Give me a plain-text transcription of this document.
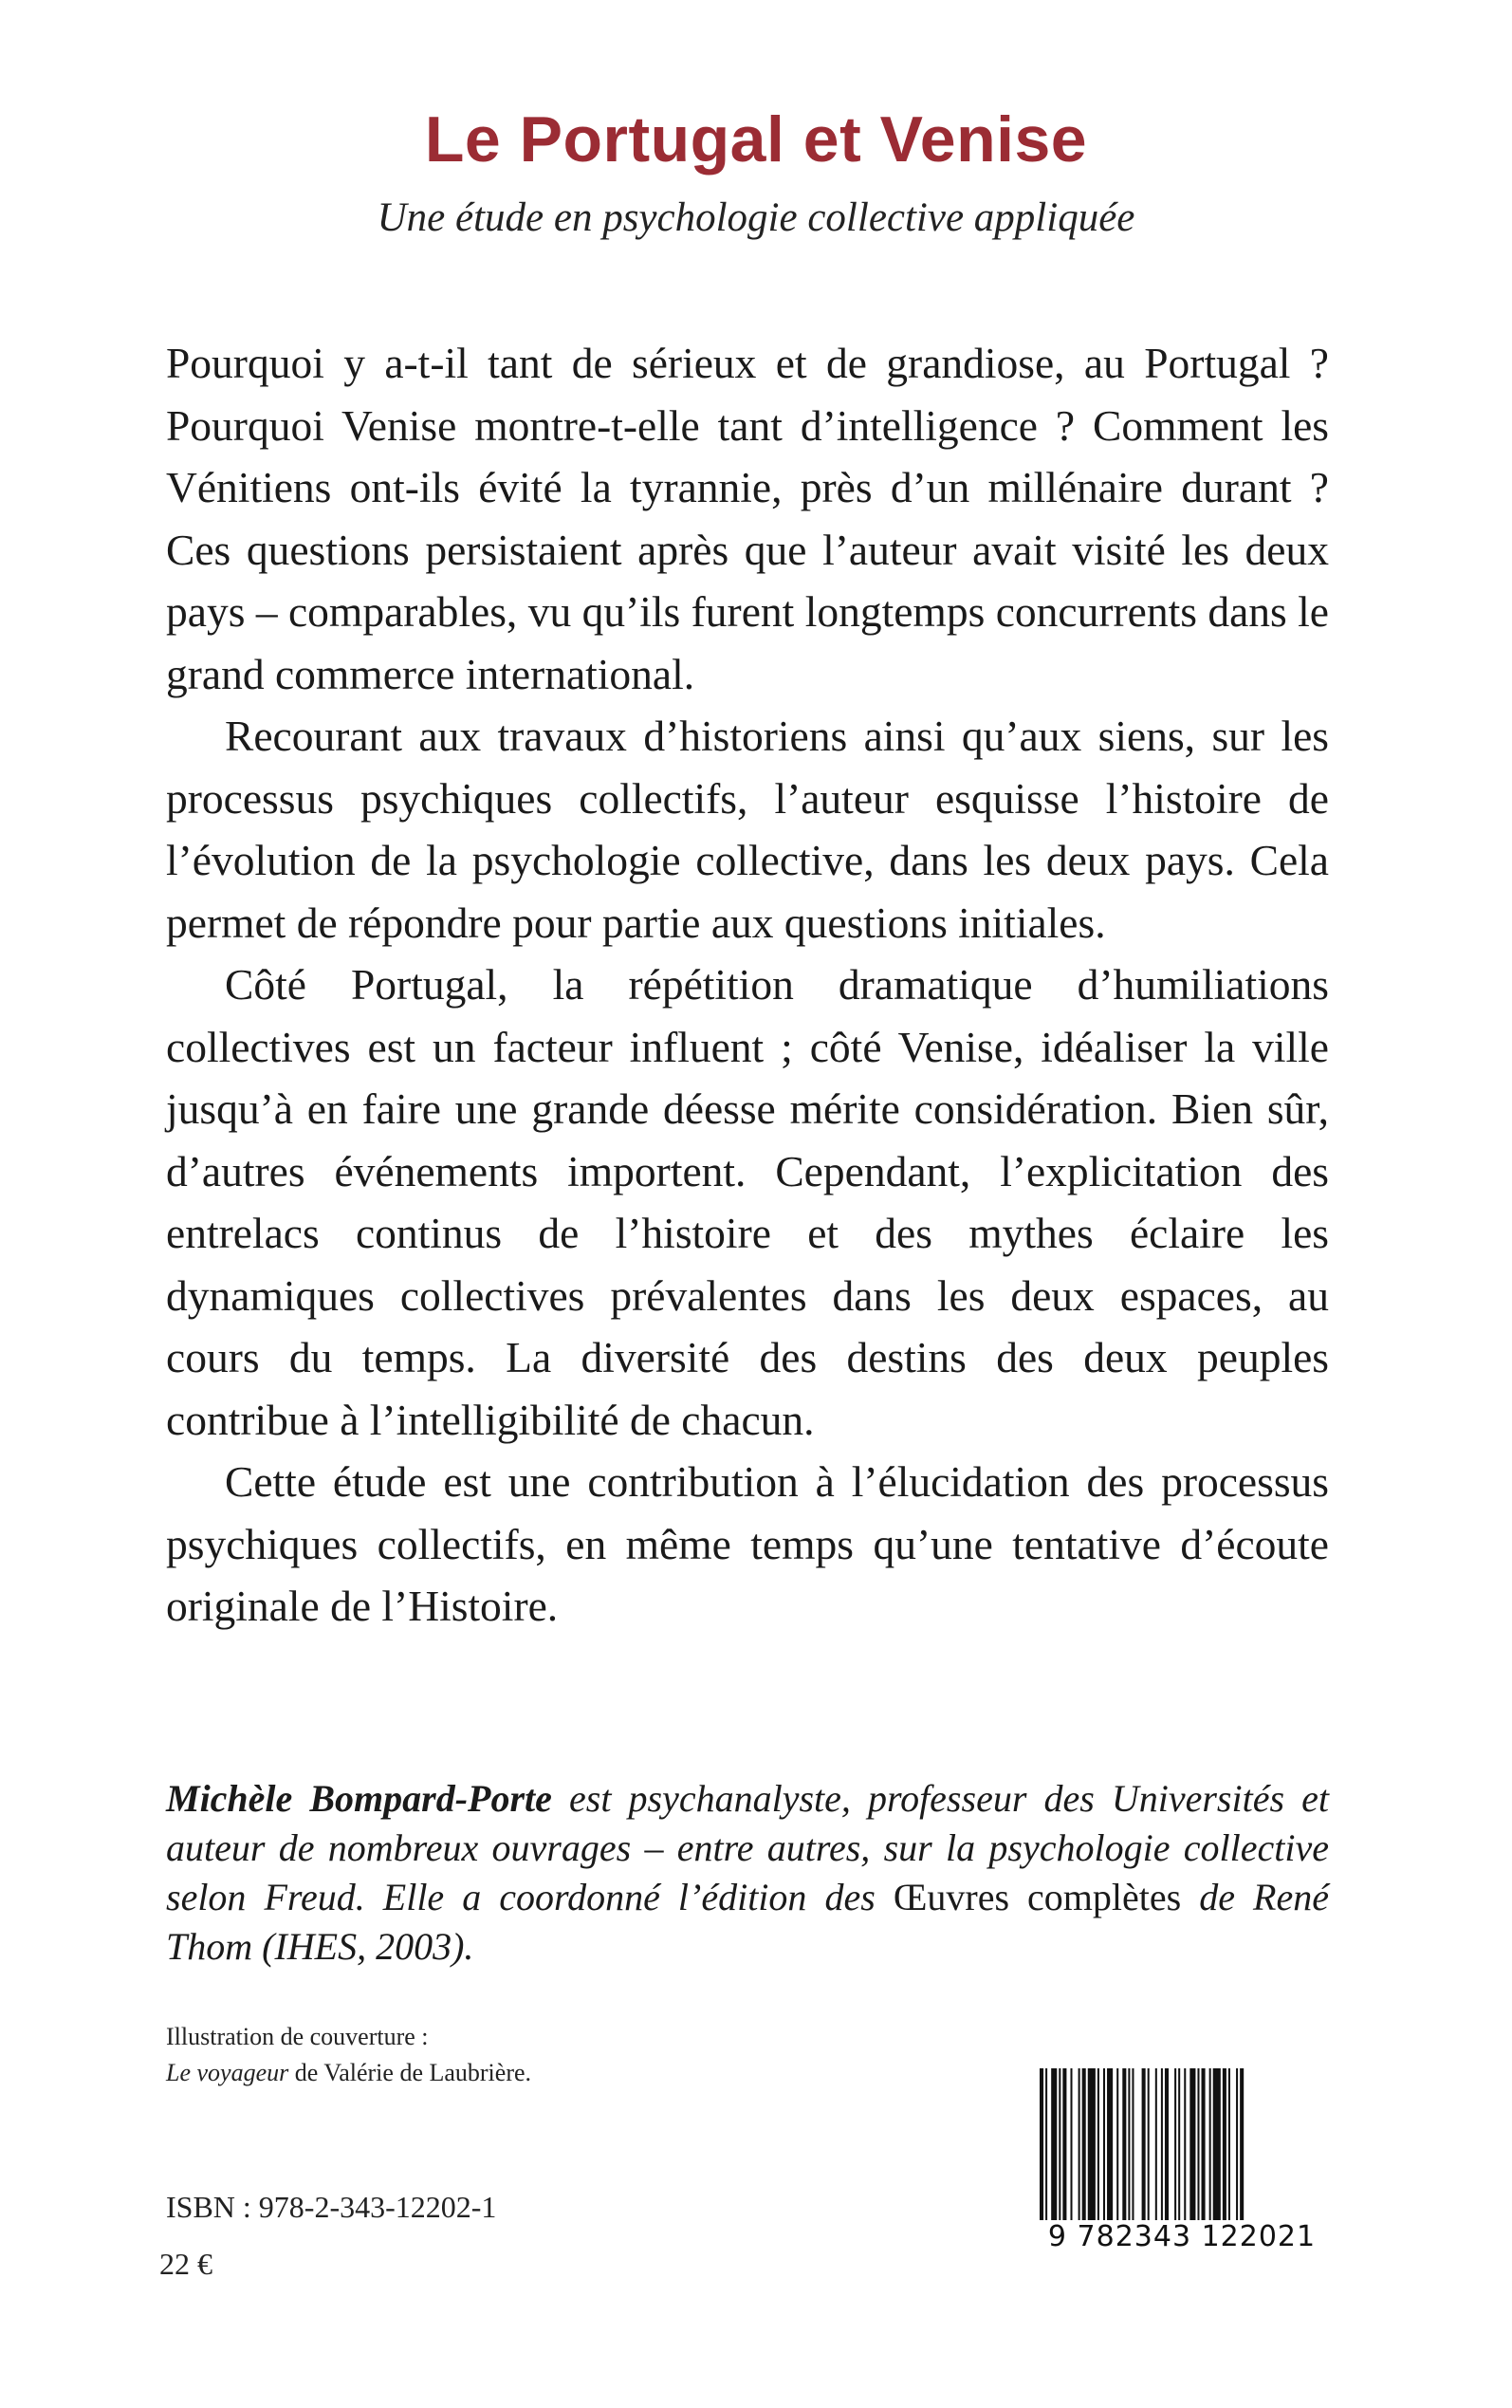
Le Portugal et Venise

Une étude en psychologie collective appliquée

Pourquoi y a-t-il tant de sérieux et de grandiose, au Portugal ? Pourquoi Venise montre-t-elle tant d’intelligence ? Comment les Vénitiens ont-ils évité la tyrannie, près d’un millénaire durant ? Ces questions persistaient après que l’auteur avait visité les deux pays – comparables, vu qu’ils furent longtemps concurrents dans le grand commerce international.

Recourant aux travaux d’historiens ainsi qu’aux siens, sur les processus psychiques collectifs, l’auteur esquisse l’histoire de l’évolution de la psychologie collective, dans les deux pays. Cela permet de répondre pour partie aux questions initiales.

Côté Portugal, la répétition dramatique d’humiliations collectives est un facteur influent ; côté Venise, idéaliser la ville jusqu’à en faire une grande déesse mérite considération. Bien sûr, d’autres événements importent. Cependant, l’explicitation des entrelacs continus de l’histoire et des mythes éclaire les dynamiques collectives prévalentes dans les deux espaces, au cours du temps. La diversité des destins des deux peuples contribue à l’intelligibilité de chacun.

Cette étude est une contribution à l’élucidation des processus psychiques collectifs, en même temps qu’une tentative d’écoute originale de l’Histoire.

Michèle Bompard-Porte est psychanalyste, professeur des Universités et auteur de nombreux ouvrages – entre autres, sur la psychologie collective selon Freud. Elle a coordonné l’édition des Œuvres complètes de René Thom (IHES, 2003).
Illustration de couverture :
Le voyageur de Valérie de Laubrière.
ISBN : 978-2-343-12202-1
22 €
9 782343 122021
